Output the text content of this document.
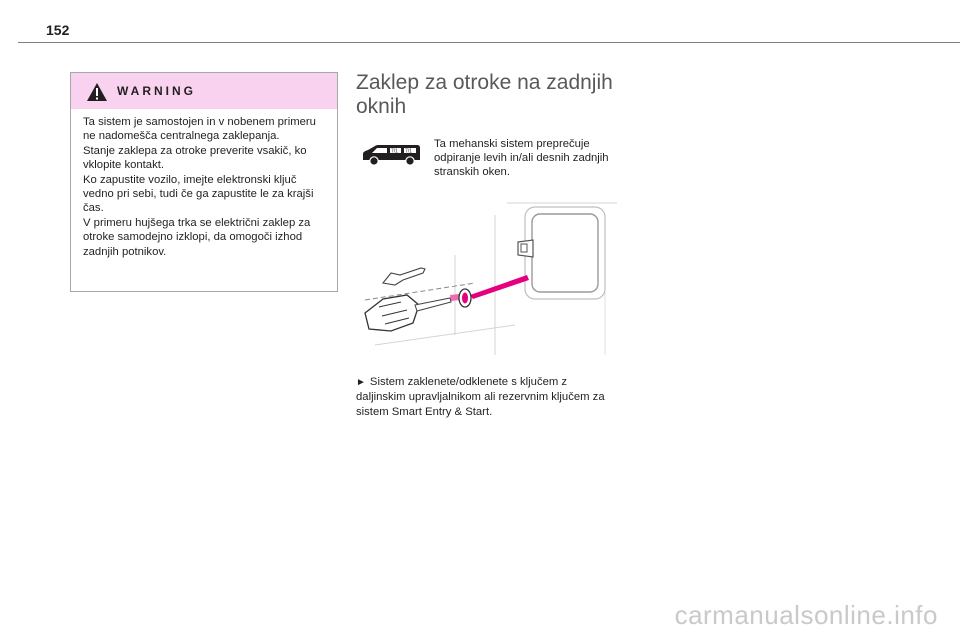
152
WARNING

Ta sistem je samostojen in v nobenem primeru ne nadomešča centralnega zaklepanja.

Stanje zaklepa za otroke preverite vsakič, ko vklopite kontakt.

Ko zapustite vozilo, imejte elektronski ključ vedno pri sebi, tudi če ga zapustite le za krajši čas.

V primeru hujšega trka se električni zaklep za otroke samodejno izklopi, da omogoči izhod zadnjih potnikov.

Zaklep za otroke na zadnjih oknih
7/1 7/1

Ta mehanski sistem preprečuje odpiranje levih in/ali desnih zadnjih stranskih oken.

► Sistem zaklenete/odklenete s ključem z daljinskim upravljalnikom ali rezervnim ključem za sistem Smart Entry & Start.

carmanualsonline.info
